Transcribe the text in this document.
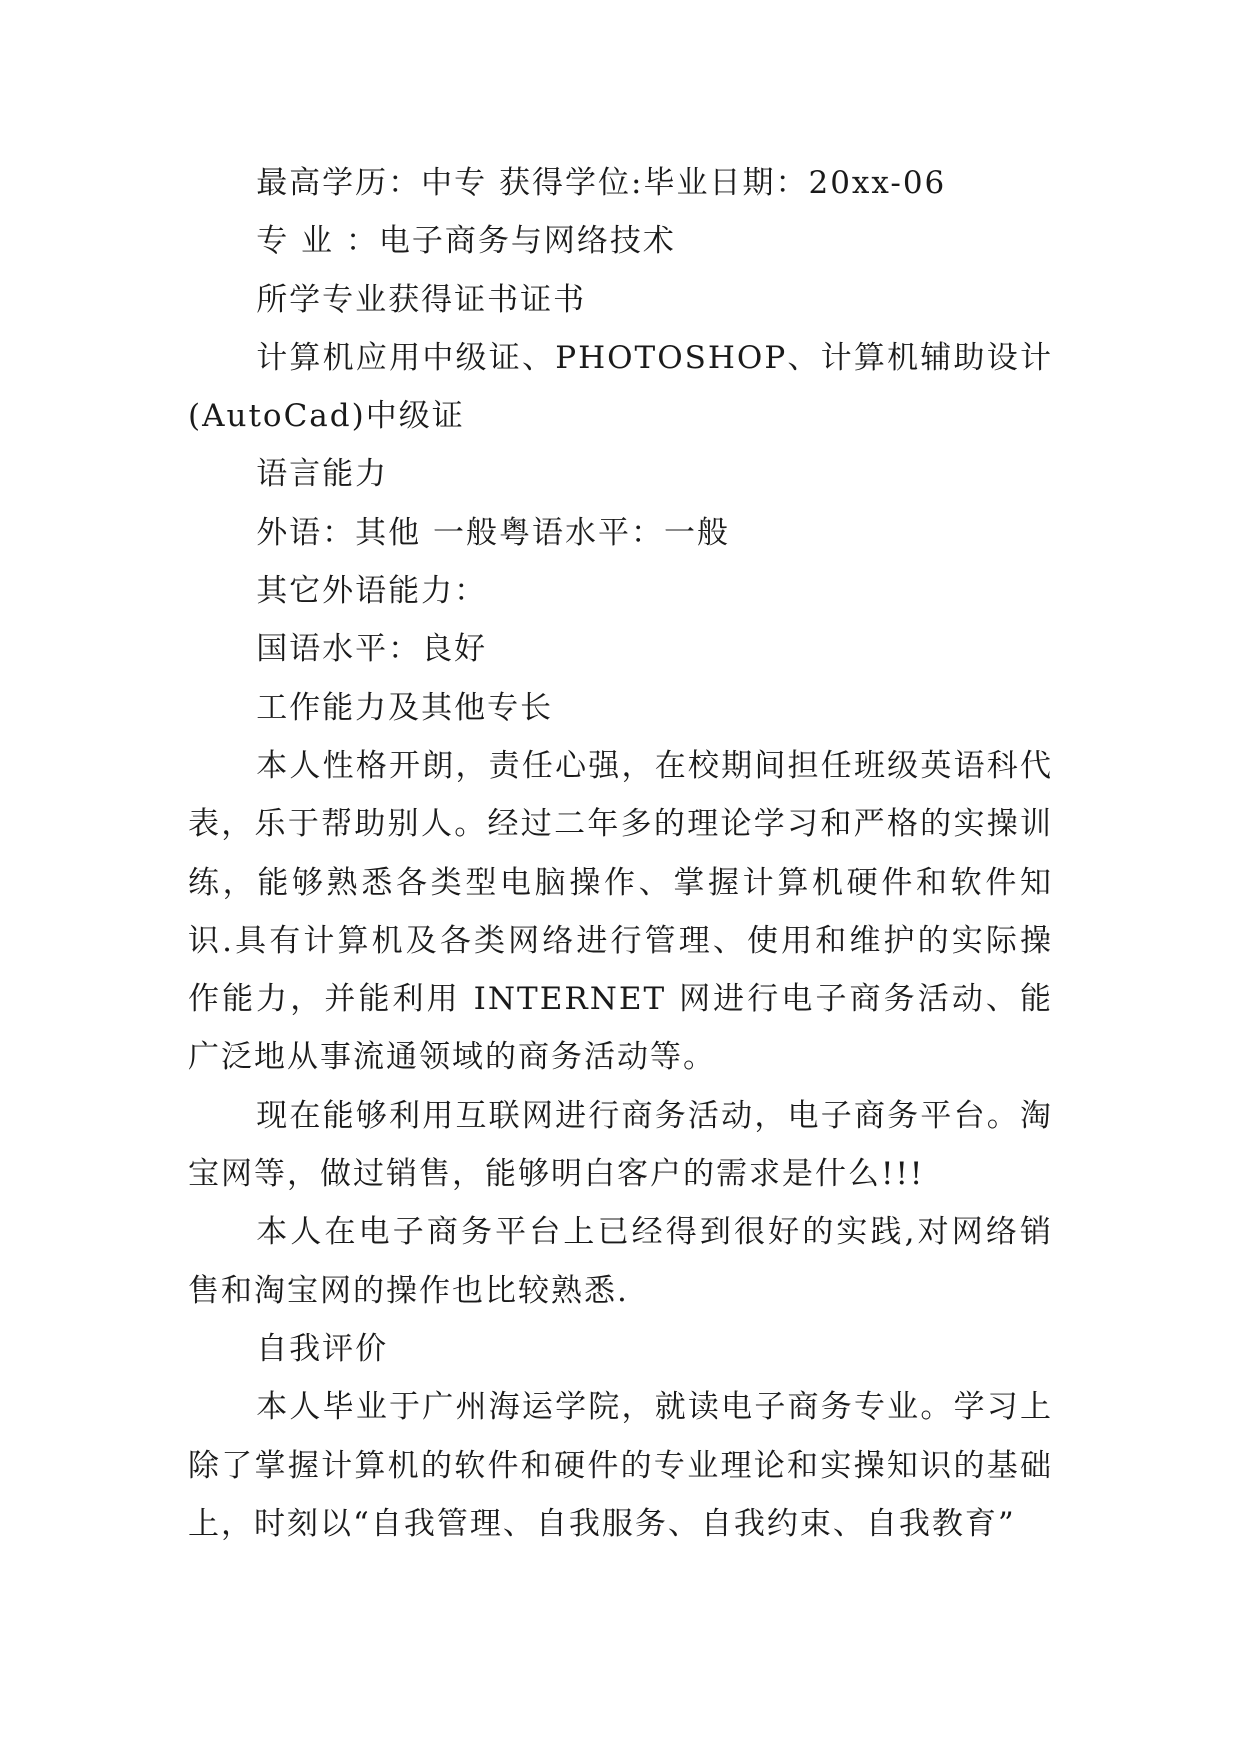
最高学历：中专 获得学位:毕业日期：20xx-06

专 业 ：电子商务与网络技术

所学专业获得证书证书

计算机应用中级证、PHOTOSHOP、计算机辅助设计(AutoCad)中级证

语言能力

外语：其他 一般粤语水平：一般

其它外语能力：

国语水平：良好

工作能力及其他专长

本人性格开朗，责任心强，在校期间担任班级英语科代表，乐于帮助别人。经过二年多的理论学习和严格的实操训练，能够熟悉各类型电脑操作、掌握计算机硬件和软件知识.具有计算机及各类网络进行管理、使用和维护的实际操作能力，并能利用 INTERNET 网进行电子商务活动、能广泛地从事流通领域的商务活动等。

现在能够利用互联网进行商务活动，电子商务平台。淘宝网等，做过销售，能够明白客户的需求是什么!!!

本人在电子商务平台上已经得到很好的实践,对网络销售和淘宝网的操作也比较熟悉.

自我评价

本人毕业于广州海运学院，就读电子商务专业。学习上除了掌握计算机的软件和硬件的专业理论和实操知识的基础上，时刻以“自我管理、自我服务、自我约束、自我教育”
